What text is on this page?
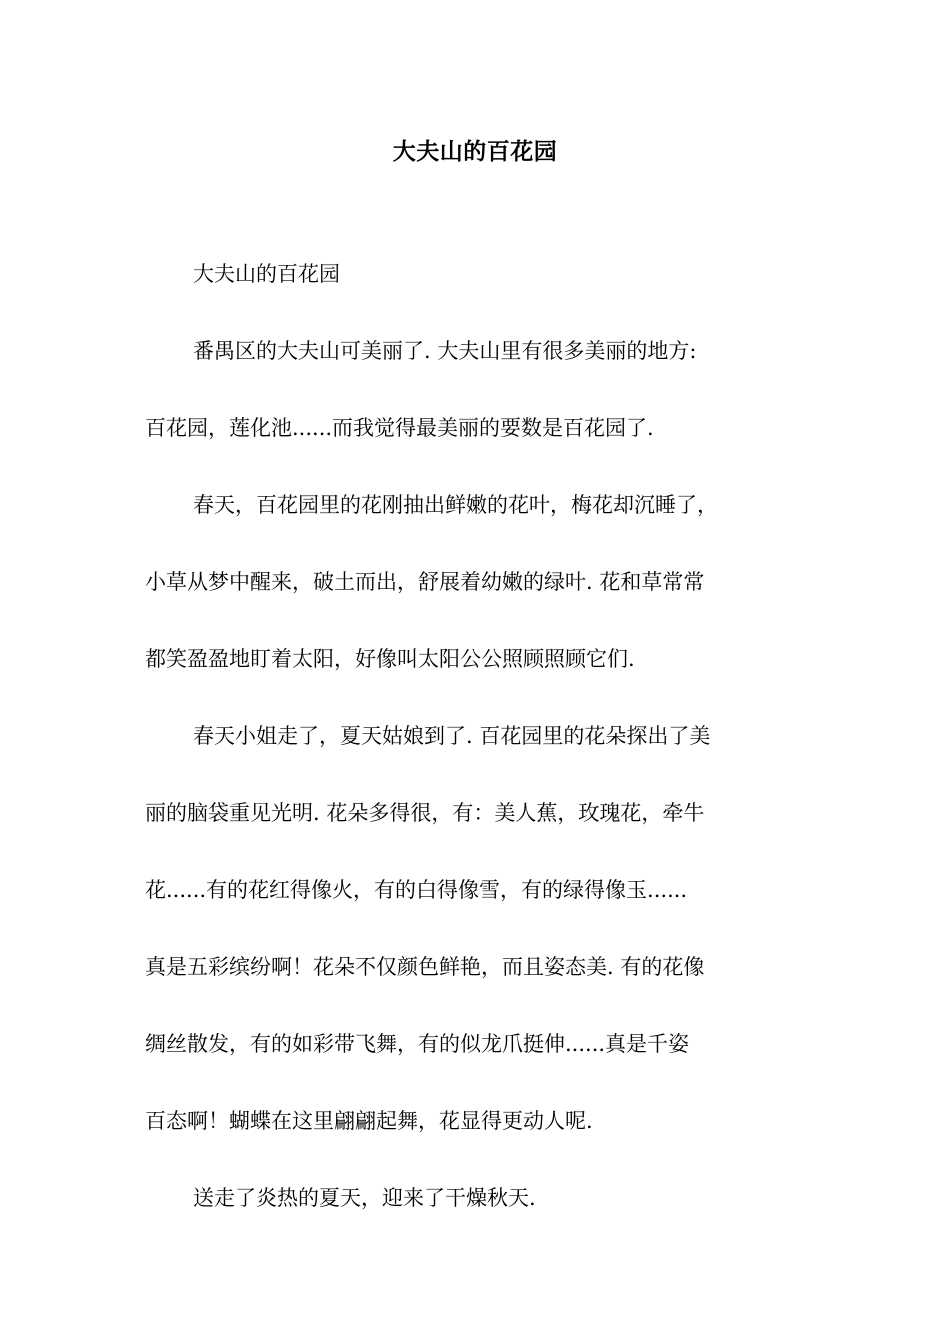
大夫山的百花园
大夫山的百花园
番禺区的大夫山可美丽了. 大夫山里有很多美丽的地方:
百花园，莲化池......而我觉得最美丽的要数是百花园了.
春天，百花园里的花刚抽出鲜嫩的花叶，梅花却沉睡了，
小草从梦中醒来，破土而出，舒展着幼嫩的绿叶. 花和草常常
都笑盈盈地盯着太阳，好像叫太阳公公照顾照顾它们.
春天小姐走了，夏天姑娘到了. 百花园里的花朵探出了美
丽的脑袋重见光明. 花朵多得很，有：美人蕉，玫瑰花，牵牛
花......有的花红得像火，有的白得像雪，有的绿得像玉......
真是五彩缤纷啊！花朵不仅颜色鲜艳，而且姿态美. 有的花像
绸丝散发，有的如彩带飞舞，有的似龙爪挺伸......真是千姿
百态啊！蝴蝶在这里翩翩起舞，花显得更动人呢.
送走了炎热的夏天，迎来了干燥秋天.
